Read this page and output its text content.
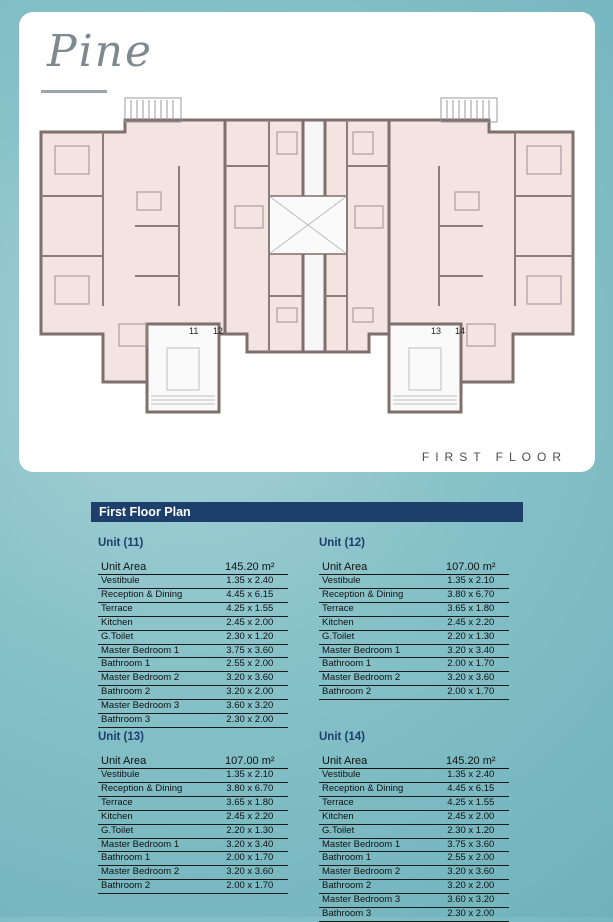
Pine
11 12	13 14
FIRST FLOOR
First Floor Plan
Unit (11)
Unit Area	145.20 m²
Vestibule	1.35 x 2.40
Reception & Dining	4.45 x 6.15
Terrace	4.25 x 1.55
Kitchen	2.45 x 2.00
G.Toilet	2.30 x 1.20
Master Bedroom 1	3.75 x 3.60
Bathroom 1	2.55 x 2.00
Master Bedroom 2	3.20 x 3.60
Bathroom 2	3.20 x 2.00
Master Bedroom 3	3.60 x 3.20
Bathroom 3	2.30 x 2.00
Unit (12)
Unit Area	107.00 m²
Vestibule	1.35 x 2.10
Reception & Dining	3.80 x 6.70
Terrace	3.65 x 1.80
Kitchen	2.45 x 2.20
G.Toilet	2.20 x 1.30
Master Bedroom 1	3.20 x 3.40
Bathroom 1	2.00 x 1.70
Master Bedroom 2	3.20 x 3.60
Bathroom 2	2.00 x 1.70
Unit (13)
Unit Area	107.00 m²
Vestibule	1.35 x 2.10
Reception & Dining	3.80 x 6.70
Terrace	3.65 x 1.80
Kitchen	2.45 x 2.20
G.Toilet	2.20 x 1.30
Master Bedroom 1	3.20 x 3.40
Bathroom 1	2.00 x 1.70
Master Bedroom 2	3.20 x 3.60
Bathroom 2	2.00 x 1.70
Unit (14)
Unit Area	145.20 m²
Vestibule	1.35 x 2.40
Reception & Dining	4.45 x 6.15
Terrace	4.25 x 1.55
Kitchen	2.45 x 2.00
G.Toilet	2.30 x 1.20
Master Bedroom 1	3.75 x 3.60
Bathroom 1	2.55 x 2.00
Master Bedroom 2	3.20 x 3.60
Bathroom 2	3.20 x 2.00
Master Bedroom 3	3.60 x 3.20
Bathroom 3	2.30 x 2.00
